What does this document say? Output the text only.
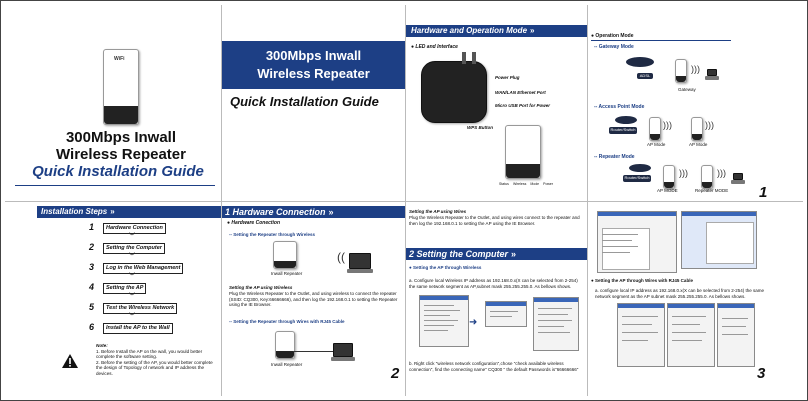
WiFi
300Mbps Inwall
Wireless Repeater
Quick Installation Guide
300Mbps Inwall
Wireless Repeater
Quick Installation Guide
Hardware and Operation Mode »
● LED and Interface
Power Plug
WAN/LAN Ethernet Port
Micro USB Port for Power
WPS Button
Status Wireless Mode Power
● Operation Mode
-- Gateway Mode
ADSL
)))
Gateway
-- Access Point Mode
Router/Switch	)))	)))
AP Mode	AP Mode
-- Repeater Mode
Router/Switch	)))	)))
AP MODE	Repeater MODE 1
Installation Steps »
1	Hardware Connection
︾
2	Setting the Computer
︾
3	Log in the Web Management
︾
4	Setting the AP
︾
5	Test the Wireless Network
︾
6	Install the AP to the Wall
Note:
1. Before Install the AP on the wall, you would better complete the software setting.
2. Before the setting of the AP, you would better complete the design of Topology of network and IP address the devices.
1 Hardware Connection »
● Hardware Conection
-- Setting the Repeater through Wireless
((
Inwall Repeater
Setting the AP using Wireless
Plug the Wireless Repeater to the Outlet, and using wireless to connect the repeater (SSID: CQ300, Key:66666666), and then log the 192.168.0.1 to setting the Repeater using the IE Browser.
-- Setting the Repeater through Wires with RJ45 Cable
Inwall Repeater
2
Setting the AP using Wires
Plug the Wireless Repeater to the Outlet, and using wires connect to the repeater and then log the 192.168.0.1 to setting the AP using the IE Browser.
2 Setting the Computer »
● Setting the AP through Wireless
a. Configure local Wireless IP address as 192.168.0.x(X can be selected from 2-254) the same network segment as AP,subnet mask 255.255.255.0. As bellows shows.
➜
b. Right click "wireless network configuration",chose "check available wireless connection", find the connecting name" CQ300 " the default Passwords is"66666666"
● Setting the AP through Wires with RJ45 Cable
a. configure local IP address as 192.168.0.x(X can be selected from 2-254) the same network segment as the AP subnet mask 255.255.255.0. As bellows shows.
3
